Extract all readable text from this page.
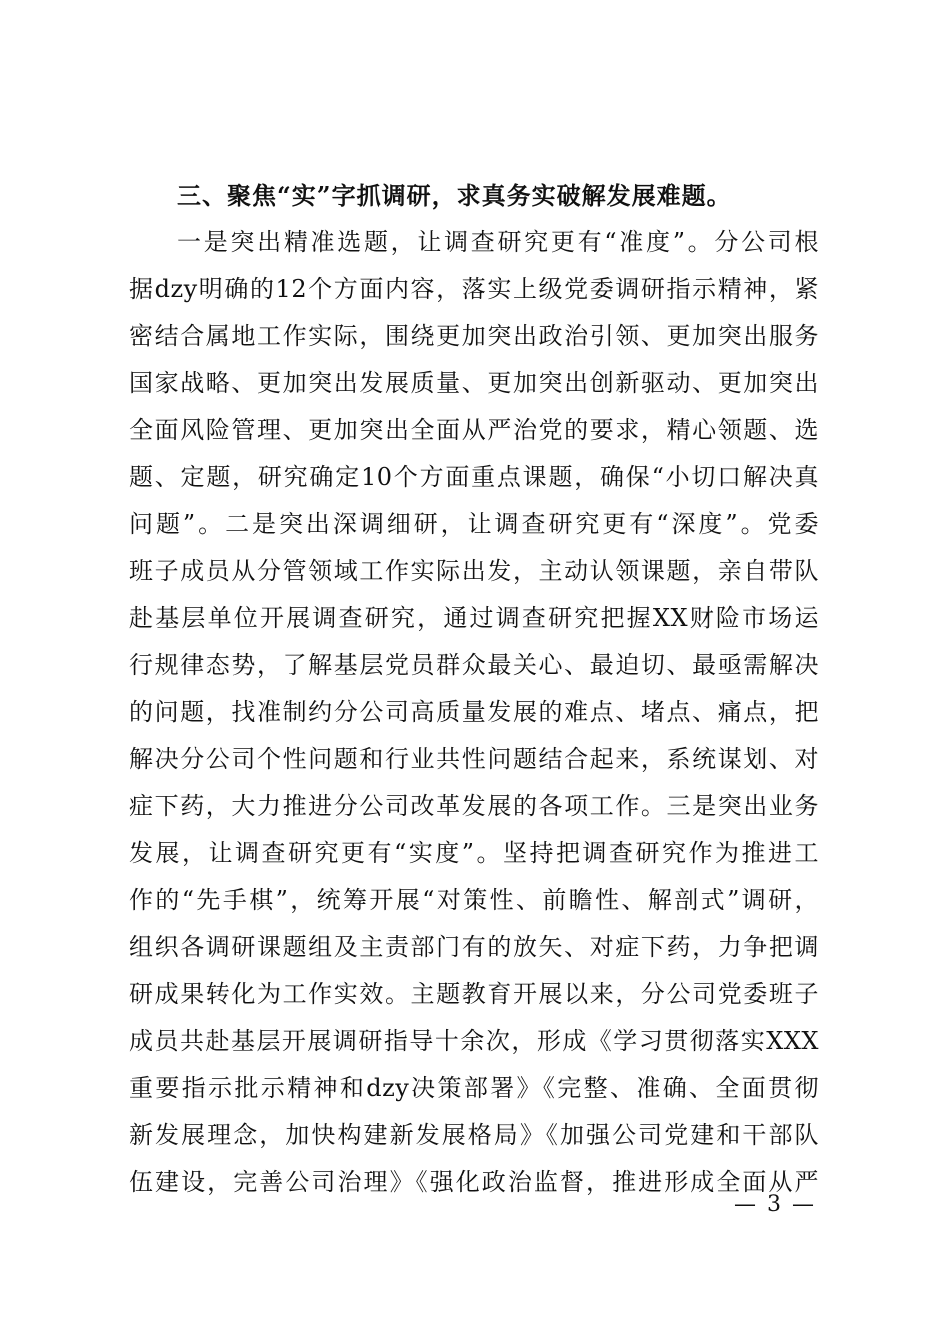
三、聚焦“实”字抓调研，求真务实破解发展难题。
一是突出精准选题，让调查研究更有“准度”。分公司根
据dzy明确的12个方面内容，落实上级党委调研指示精神，紧
密结合属地工作实际，围绕更加突出政治引领、更加突出服务
国家战略、更加突出发展质量、更加突出创新驱动、更加突出
全面风险管理、更加突出全面从严治党的要求，精心领题、选
题、定题，研究确定10个方面重点课题，确保“小切口解决真
问题”。二是突出深调细研，让调查研究更有“深度”。党委
班子成员从分管领域工作实际出发，主动认领课题，亲自带队
赴基层单位开展调查研究，通过调查研究把握XX财险市场运
行规律态势，了解基层党员群众最关心、最迫切、最亟需解决
的问题，找准制约分公司高质量发展的难点、堵点、痛点，把
解决分公司个性问题和行业共性问题结合起来，系统谋划、对
症下药，大力推进分公司改革发展的各项工作。三是突出业务
发展，让调查研究更有“实度”。坚持把调查研究作为推进工
作的“先手棋”，统筹开展“对策性、前瞻性、解剖式”调研，
组织各调研课题组及主责部门有的放矢、对症下药，力争把调
研成果转化为工作实效。主题教育开展以来，分公司党委班子
成员共赴基层开展调研指导十余次，形成《学习贯彻落实XXX
重要指示批示精神和dzy决策部署》《完整、准确、全面贯彻
新发展理念，加快构建新发展格局》《加强公司党建和干部队
伍建设，完善公司治理》《强化政治监督，推进形成全面从严
— 3 —
